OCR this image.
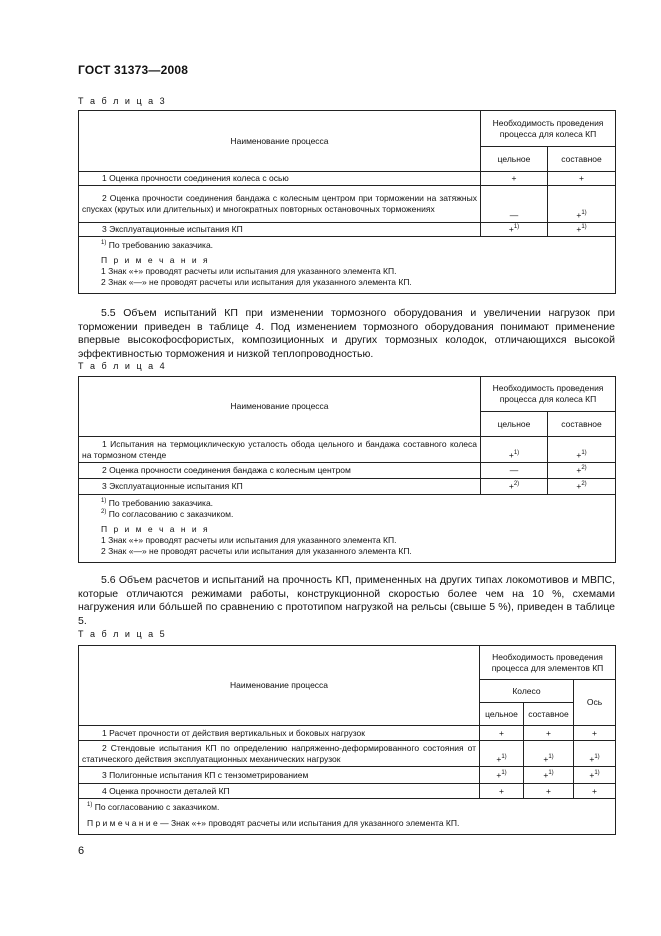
ГОСТ 31373—2008
Т а б л и ц а 3
Наименование процесса	Необходимость проведения процесса для колеса КП	
	цельное	составное
1 Оценка прочности соединения колеса с осью	+	+
2 Оценка прочности соединения бандажа с колесным центром при торможении на затяжных спусках (крутых или длительных) и многократных повторных остановочных торможениях	—	+$^{1)}$
3 Эксплуатационные испытания КП	+$^{1)}$	+$^{1)}$

$^{1)}$ По требованию заказчика.
П р и м е ч а н и я
1 Знак «+» проводят расчеты или испытания для указанного элемента КП.
2 Знак «—» не проводят расчеты или испытания для указанного элемента КП.		
5.5 Объем испытаний КП при изменении тормозного оборудования и увеличении нагрузок при торможении приведен в таблице 4. Под изменением тормозного оборудования понимают применение впервые высокофосфористых, композиционных и других тормозных колодок, отличающихся высокой эффективностью торможения и низкой теплопроводностью.
Т а б л и ц а 4
Наименование процесса	Необходимость проведения процесса для колеса КП	
	цельное	составное
1 Испытания на термоциклическую усталость обода цельного и бандажа составного колеса на тормозном стенде	+$^{1)}$	+$^{1)}$
2 Оценка прочности соединения бандажа с колесным центром	—	+$^{2)}$
3 Эксплуатационные испытания КП	+$^{2)}$	+$^{2)}$

$^{1)}$ По требованию заказчика.
$^{2)}$ По согласованию с заказчиком.
П р и м е ч а н и я
1 Знак «+» проводят расчеты или испытания для указанного элемента КП.
2 Знак «—» не проводят расчеты или испытания для указанного элемента КП.		
5.6 Объем расчетов и испытаний на прочность КП, примененных на других типах локомотивов и МВПС, которые отличаются режимами работы, конструкционной скоростью более чем на 10 %, схемами нагружения или бóльшей по сравнению с прототипом нагрузкой на рельсы (свыше 5 %), приведен в таблице 5.
Т а б л и ц а 5
Наименование процесса	Необходимость проведения процесса для элементов КП		
	Колесо		Ось
	цельное	составное	
1 Расчет прочности от действия вертикальных и боковых нагрузок	+	+	+
2 Стендовые испытания КП по определению напряженно-деформированного состояния от статического действия эксплуатационных механических нагрузок	+$^{1)}$	+$^{1)}$	+$^{1)}$
3 Полигонные испытания КП с тензометрированием	+$^{1)}$	+$^{1)}$	+$^{1)}$
4 Оценка прочности деталей КП	+	+	+

$^{1)}$ По согласованию с заказчиком.
П р и м е ч а н и е — Знак «+» проводят расчеты или испытания для указанного элемента КП.			
6
